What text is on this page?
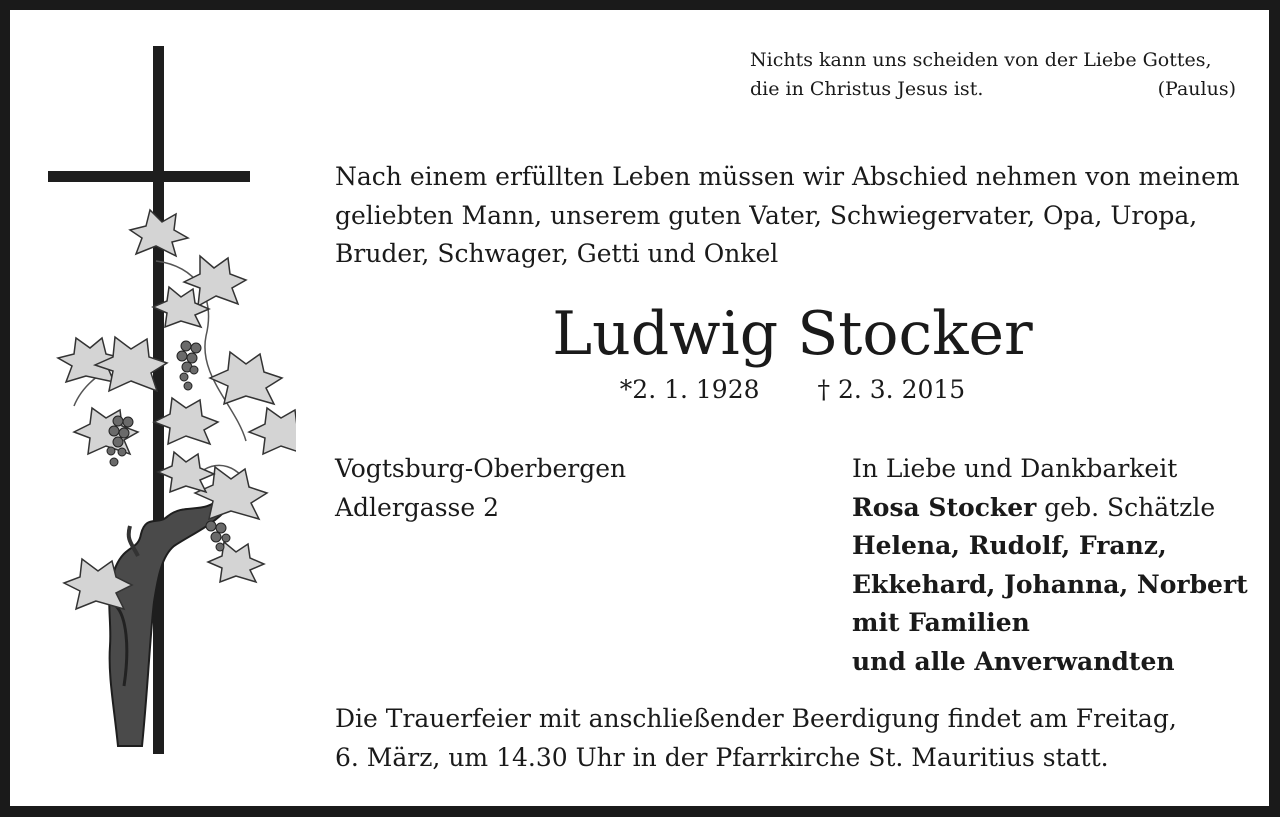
Nichts kann uns scheiden von der Liebe Gottes,
die in Christus Jesus ist.	(Paulus)
Nach einem erfüllten Leben müssen wir Abschied nehmen von meinem
geliebten Mann, unserem guten Vater, Schwiegervater, Opa, Uropa,
Bruder, Schwager, Getti und Onkel
Ludwig Stocker
*2. 1. 1928 † 2. 3. 2015
Vogtsburg-Oberbergen
Adlergasse 2
In Liebe und Dankbarkeit
Rosa Stocker geb. Schätzle
Helena, Rudolf, Franz,
Ekkehard, Johanna, Norbert
mit Familien
und alle Anverwandten
Die Trauerfeier mit anschließender Beerdigung findet am Freitag,
6. März, um 14.30 Uhr in der Pfarrkirche St. Mauritius statt.
